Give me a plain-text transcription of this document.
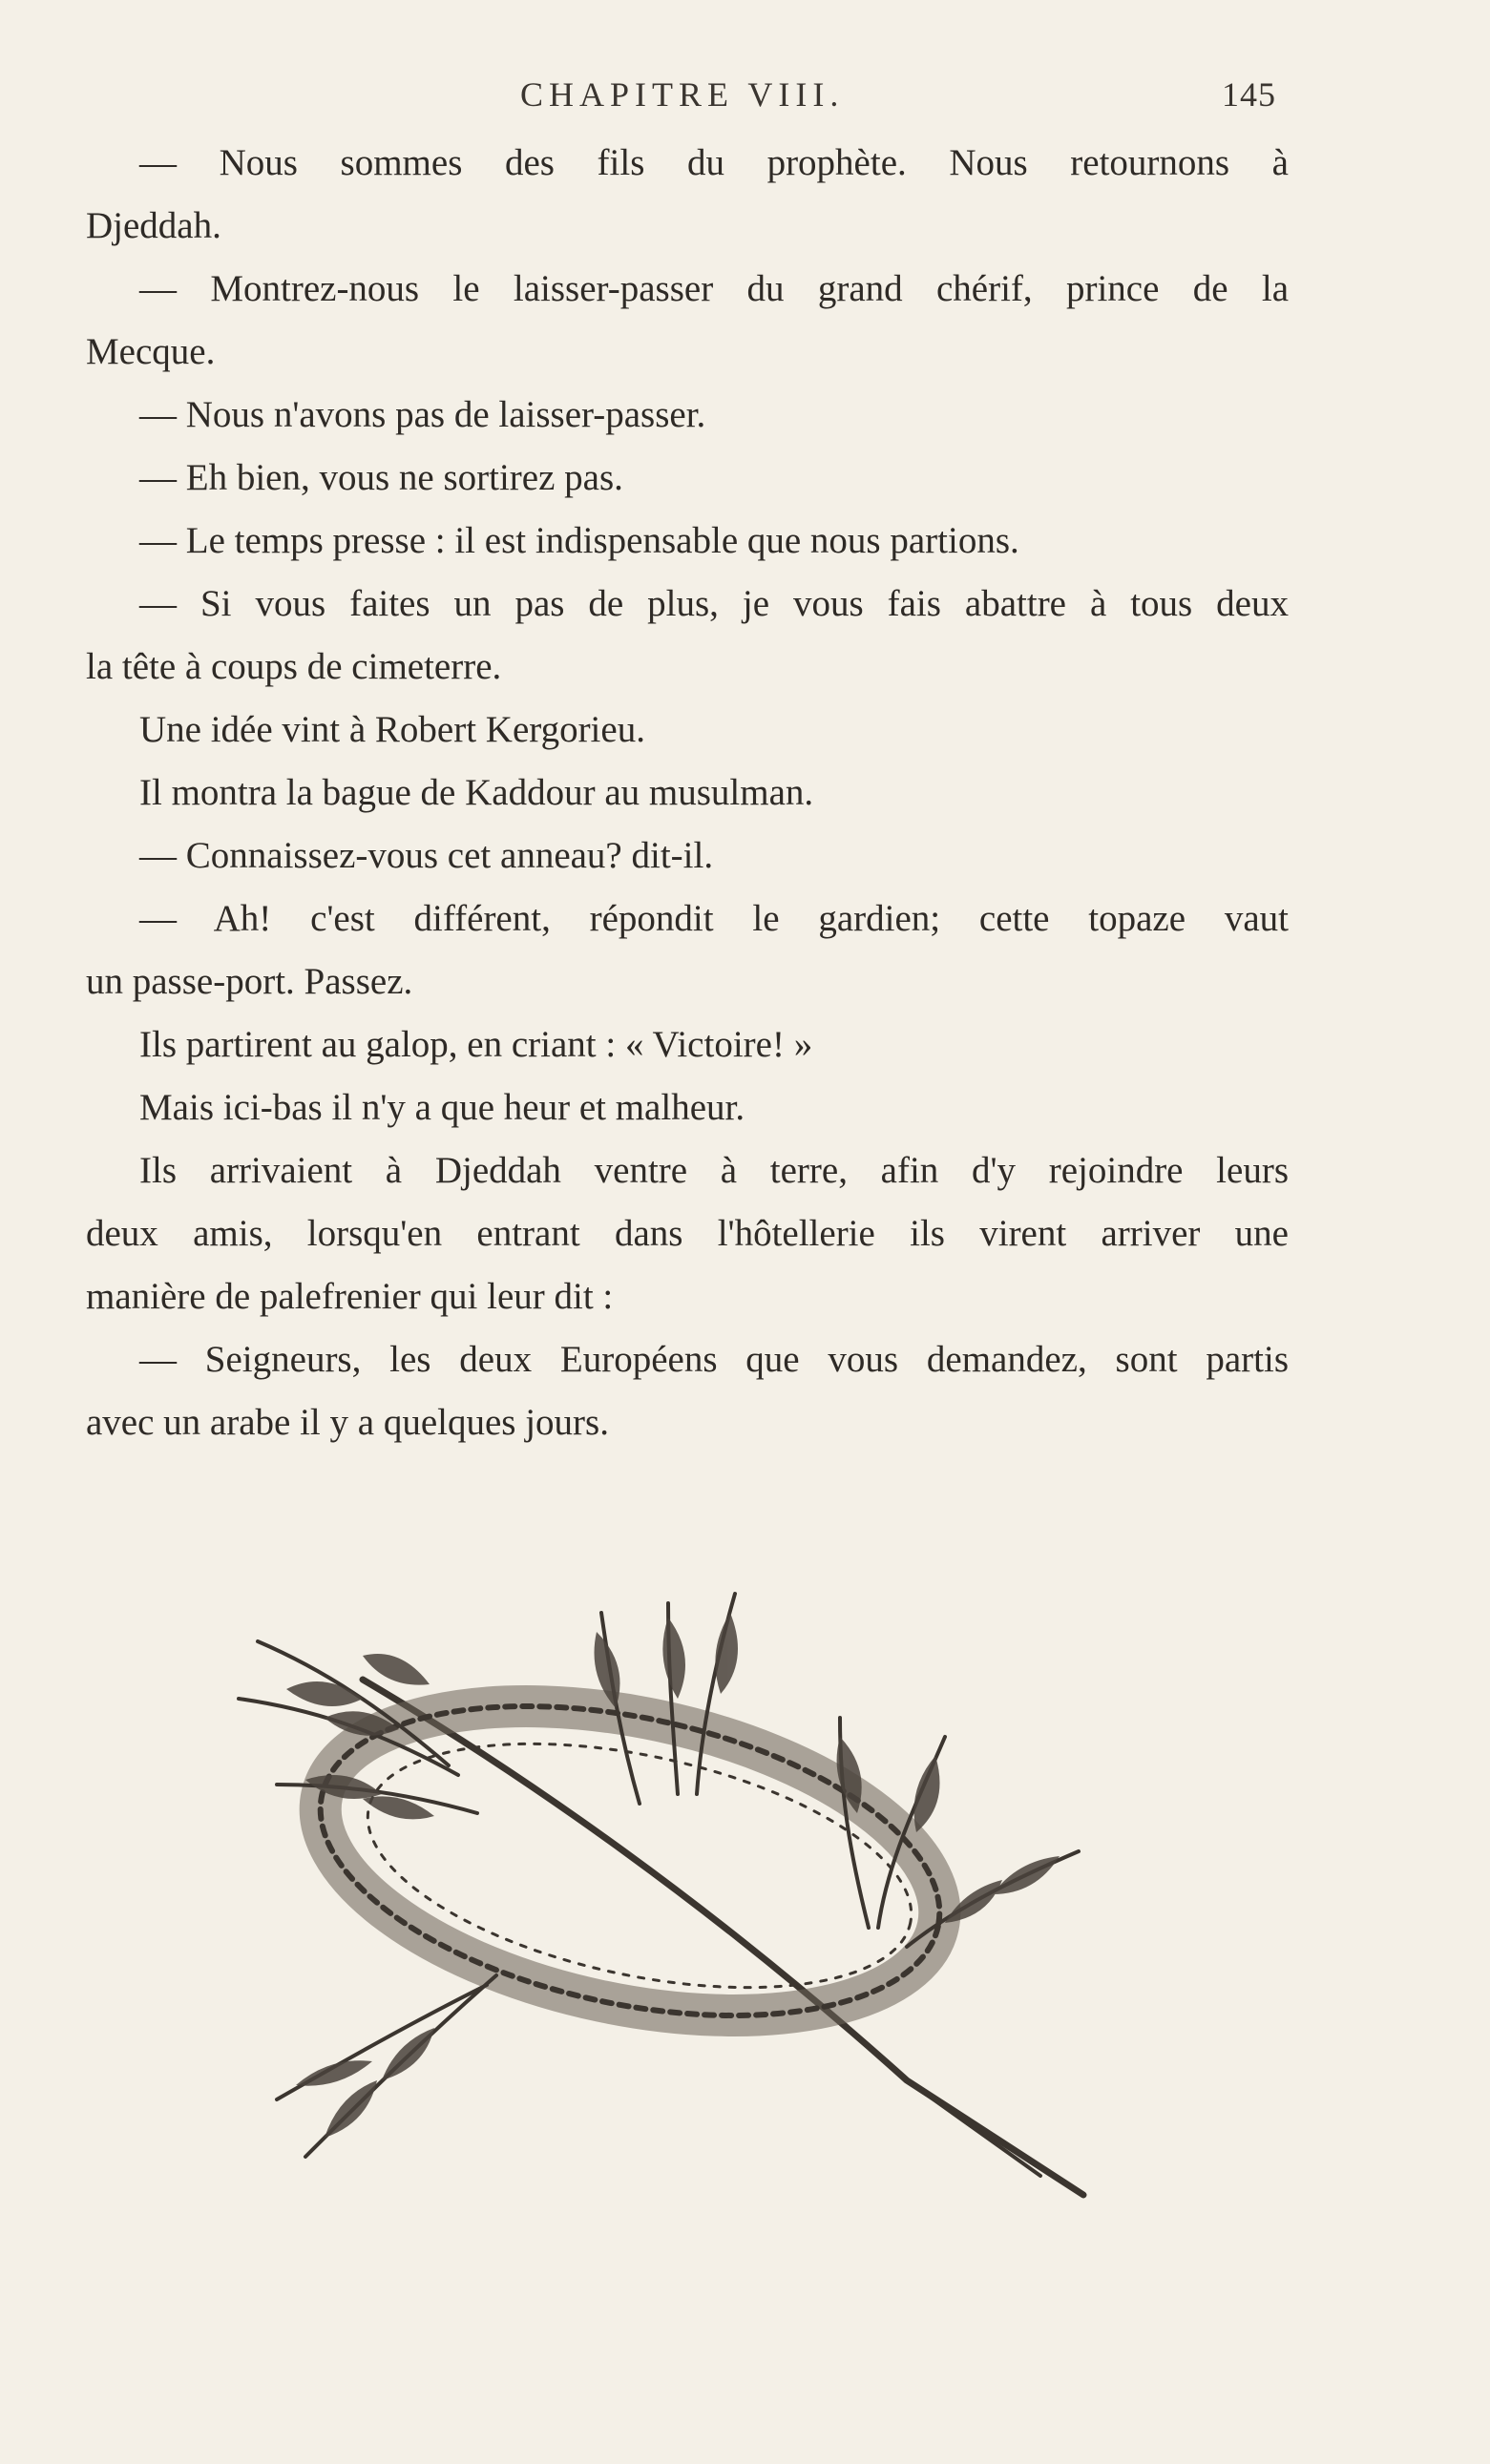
CHAPITRE VIII.	145
— Nous sommes des fils du prophète. Nous retournons à
Djeddah.
— Montrez-nous le laisser-passer du grand chérif, prince de la
Mecque.
— Nous n'avons pas de laisser-passer.
— Eh bien, vous ne sortirez pas.
— Le temps presse : il est indispensable que nous partions.
— Si vous faites un pas de plus, je vous fais abattre à tous deux
la tête à coups de cimeterre.
Une idée vint à Robert Kergorieu.
Il montra la bague de Kaddour au musulman.
— Connaissez-vous cet anneau? dit-il.
— Ah! c'est différent, répondit le gardien; cette topaze vaut
un passe-port. Passez.
Ils partirent au galop, en criant : « Victoire! »
Mais ici-bas il n'y a que heur et malheur.
Ils arrivaient à Djeddah ventre à terre, afin d'y rejoindre leurs
deux amis, lorsqu'en entrant dans l'hôtellerie ils virent arriver une
manière de palefrenier qui leur dit :
— Seigneurs, les deux Européens que vous demandez, sont partis
avec un arabe il y a quelques jours.
